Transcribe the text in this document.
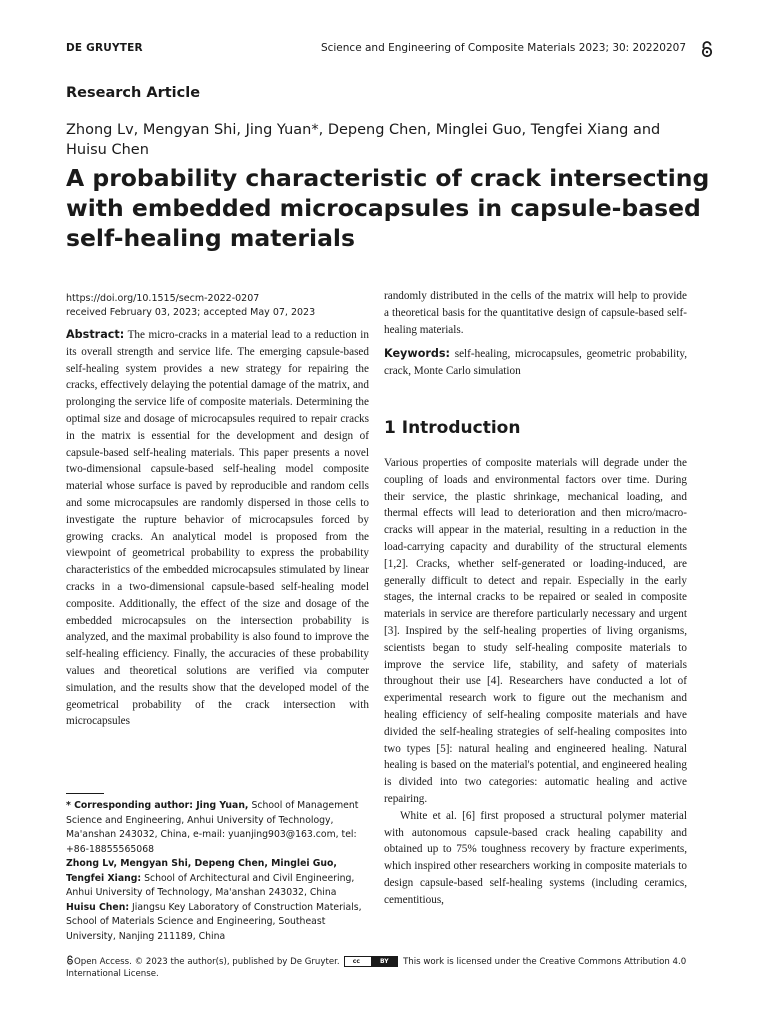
DE GRUYTER	Science and Engineering of Composite Materials 2023; 30: 20220207
Research Article
Zhong Lv, Mengyan Shi, Jing Yuan*, Depeng Chen, Minglei Guo, Tengfei Xiang and Huisu Chen
A probability characteristic of crack intersecting with embedded microcapsules in capsule-based self-healing materials
https://doi.org/10.1515/secm-2022-0207
received February 03, 2023; accepted May 07, 2023
Abstract: The micro-cracks in a material lead to a reduction in its overall strength and service life. The emerging capsule-based self-healing system provides a new strategy for repairing the cracks, effectively delaying the potential damage of the matrix, and prolonging the service life of composite materials. Determining the optimal size and dosage of microcapsules required to repair cracks in the matrix is essential for the development and design of capsule-based self-healing materials. This paper presents a novel two-dimensional capsule-based self-healing model composite material whose surface is paved by reproducible and random cells and some microcapsules are randomly dispersed in those cells to investigate the rupture behavior of microcapsules forced by growing cracks. An analytical model is proposed from the viewpoint of geometrical probability to express the probability characteristics of the embedded microcapsules stimulated by linear cracks in a two-dimensional capsule-based self-healing model composite. Additionally, the effect of the size and dosage of the embedded microcapsules on the intersection probability is analyzed, and the maximal probability is also found to improve the self-healing efficiency. Finally, the accuracies of these probability values and theoretical solutions are verified via computer simulation, and the results show that the developed model of the geometrical probability of the crack intersection with microcapsules
randomly distributed in the cells of the matrix will help to provide a theoretical basis for the quantitative design of capsule-based self-healing materials.
Keywords: self-healing, microcapsules, geometric probability, crack, Monte Carlo simulation
1 Introduction

Various properties of composite materials will degrade under the coupling of loads and environmental factors over time. During their service, the plastic shrinkage, mechanical loading, and thermal effects will lead to deterioration and then micro/macro-cracks will appear in the material, resulting in a reduction in the load-carrying capacity and durability of the structural elements [1,2]. Cracks, whether self-generated or loading-induced, are generally difficult to detect and repair. Especially in the early stages, the internal cracks to be repaired or sealed in composite materials in service are therefore particularly necessary and urgent [3]. Inspired by the self-healing properties of living organisms, scientists began to study self-healing composite materials to improve the service life, stability, and safety of materials throughout their use [4]. Researchers have conducted a lot of experimental research work to figure out the mechanism and healing efficiency of self-healing composite materials and have divided the self-healing strategies of self-healing composites into two types [5]: natural healing and engineered healing. Natural healing is based on the material's potential, and engineered healing is divided into two categories: automatic healing and active repairing.

White et al. [6] first proposed a structural polymer material with autonomous capsule-based crack healing capability and obtained up to 75% toughness recovery by fracture experiments, which inspired other researchers working in composite materials to design capsule-based self-healing systems (including ceramics, cementitious,

* Corresponding author: Jing Yuan, School of Management Science and Engineering, Anhui University of Technology, Ma'anshan 243032, China, e-mail: yuanjing903@163.com, tel: +86-18855565068
Zhong Lv, Mengyan Shi, Depeng Chen, Minglei Guo, Tengfei Xiang: School of Architectural and Civil Engineering, Anhui University of Technology, Ma'anshan 243032, China
Huisu Chen: Jiangsu Key Laboratory of Construction Materials, School of Materials Science and Engineering, Southeast University, Nanjing 211189, China
Open Access. © 2023 the author(s), published by De Gruyter.	cc	BY	This work is licensed under the Creative Commons Attribution 4.0 International License.
